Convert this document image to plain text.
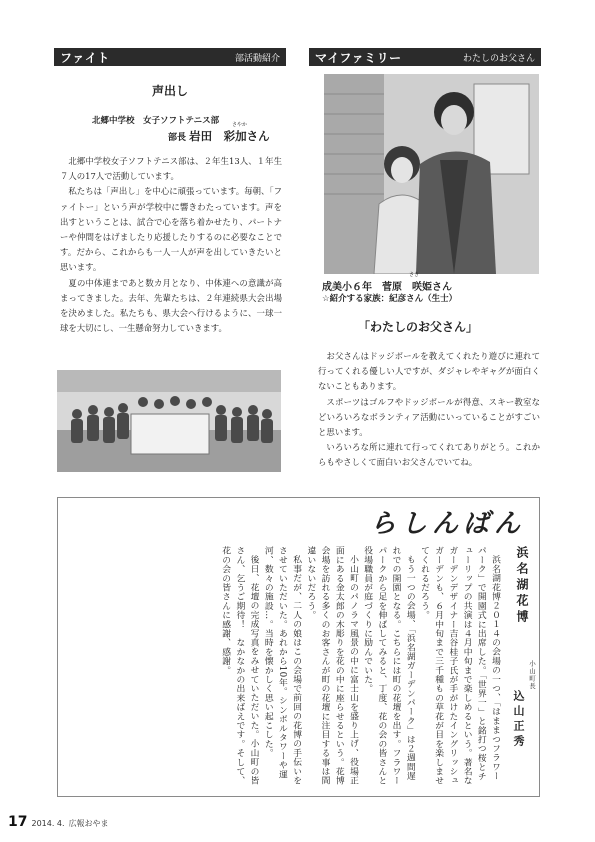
ファイト	部活動紹介
声出し
北郷中学校　女子ソフトテニス部	さやか
部長 岩田　彩加さん

北郷中学校女子ソフトテニス部は、２年生13人、１年生７人の17人で活動しています。

私たちは「声出し」を中心に頑張っています。毎朝、「ファイトー」という声が学校中に響きわたっています。声を出すということは、試合で心を落ち着かせたり、パートナーや仲間をはげましたり応援したりするのに必要なことです。だから、これからも一人一人が声を出していきたいと思います。

夏の中体連まであと数カ月となり、中体連への意識が高まってきました。去年、先輩たちは、２年連続県大会出場を決めました。私たちも、県大会へ行けるように、一球一球を大切にし、一生懸命努力していきます。

マイファミリー	わたしのお父さん
さき
成美小６年　菅原　咲姫さん
☆紹介する家族：紀彦さん（生士）
「わたしのお父さん」

お父さんはドッジボールを教えてくれたり遊びに連れて行ってくれる優しい人ですが、ダジャレやギャグが面白くないこともあります。

スポーツはゴルフやドッジボールが得意、スキー教室などいろいろなボランティア活動にいっていることがすごいと思います。

いろいろな所に連れて行ってくれてありがとう。これからもやさしくて面白いお父さんでいてね。

らしんばん
浜名湖花博
小山町長
込山正秀

浜名湖花博２０１４の会場の一つ、「はままつフラワーパーク」で開園式に出席した。「世界一」と銘打つ桜とチューリップの共演は４月中旬まで楽しめるという。著名なガーデンデザイナー吉谷桂子氏が手がけたイングリッシュガーデンも、６月中旬まで三千種もの草花が目を楽しませてくれるだろう。

もう一つの会場、「浜名湖ガーデンパーク」は２週間遅れでの開園となる。こちらには町の花壇を出す。フラワーパークから足を伸ばしてみると、丁度、花の会の皆さんと役場職員が庭づくりに励んでいた。

小山町のパノラマ風景の中に富士山を盛り上げ、役場正面にある金太郎の木彫りを花の中に座らせるという。花博会場を訪れる多くのお客さんが町の花壇に注目する事は間違いないだろう。

私事だが、二人の娘はこの会場で前回の花博の手伝いをさせていただいた。あれから10年。シンボルタワーや運河、数々の施設…。当時を懐かしく思い起こした。

後日、花壇の完成写真をみせていただいた。小山町の皆さん、乞うご期待！　なかなかの出来ばえです。そして、花の会の皆さんに感謝、感謝。

17 2014. 4. 広報おやま
